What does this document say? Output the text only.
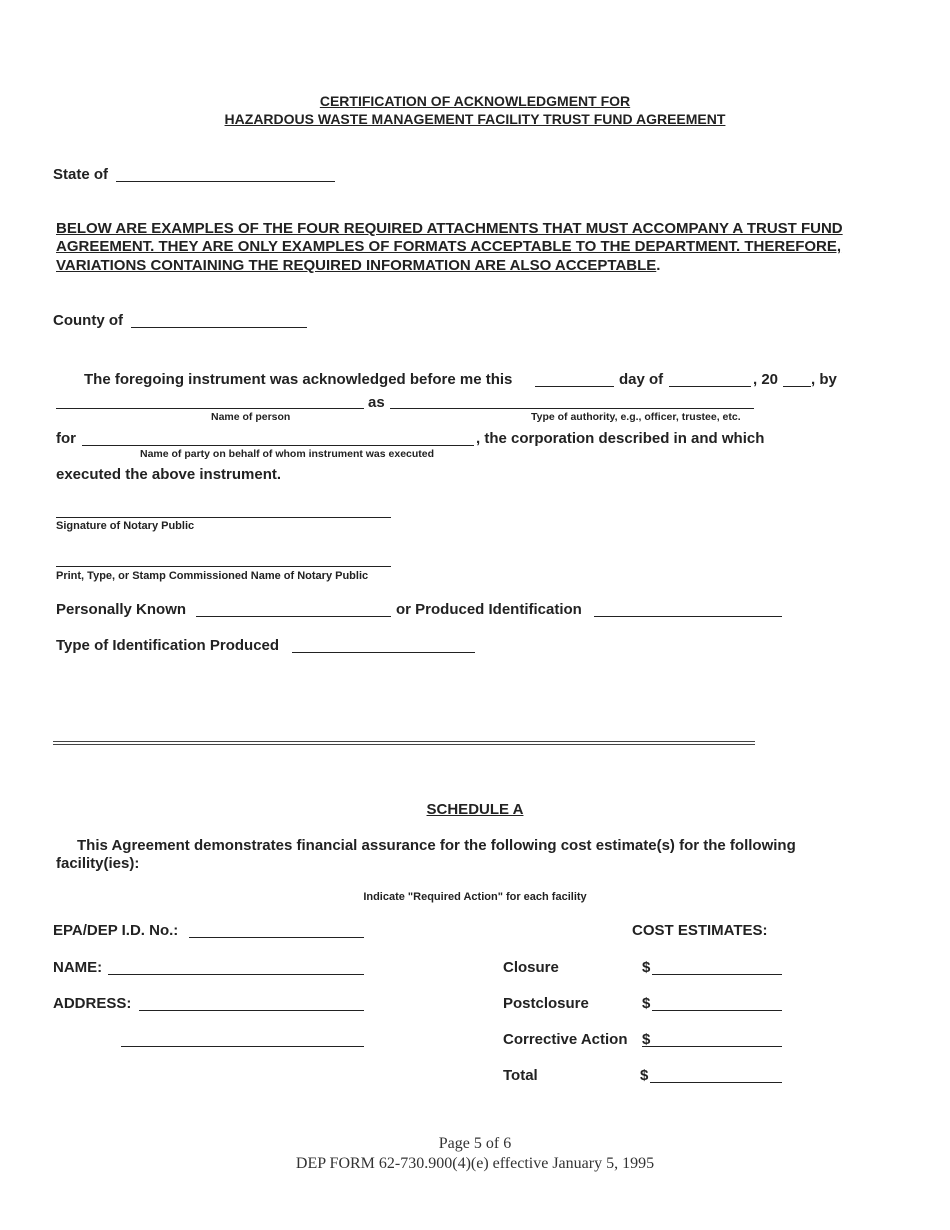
CERTIFICATION OF ACKNOWLEDGMENT FOR
HAZARDOUS WASTE MANAGEMENT FACILITY TRUST FUND AGREEMENT
State of
BELOW ARE EXAMPLES OF THE FOUR REQUIRED ATTACHMENTS THAT MUST ACCOMPANY A TRUST FUND
AGREEMENT. THEY ARE ONLY EXAMPLES OF FORMATS ACCEPTABLE TO THE DEPARTMENT. THEREFORE,
VARIATIONS CONTAINING THE REQUIRED INFORMATION ARE ALSO ACCEPTABLE.
County of
The foregoing instrument was acknowledged before me this	day of	, 20 , by
as
Name of person	Type of authority, e.g., officer, trustee, etc.
for	, the corporation described in and which
Name of party on behalf of whom instrument was executed
executed the above instrument.
Signature of Notary Public
Print, Type, or Stamp Commissioned Name of Notary Public
Personally Known	or Produced Identification
Type of Identification Produced
SCHEDULE A
This Agreement demonstrates financial assurance for the following cost estimate(s) for the following
facility(ies):
Indicate "Required Action" for each facility
EPA/DEP I.D. No.:	COST ESTIMATES:
NAME:	Closure	$
ADDRESS:	Postclosure	$
Corrective Action $
Total	$
Page 5 of 6
DEP FORM 62-730.900(4)(e) effective January 5, 1995
